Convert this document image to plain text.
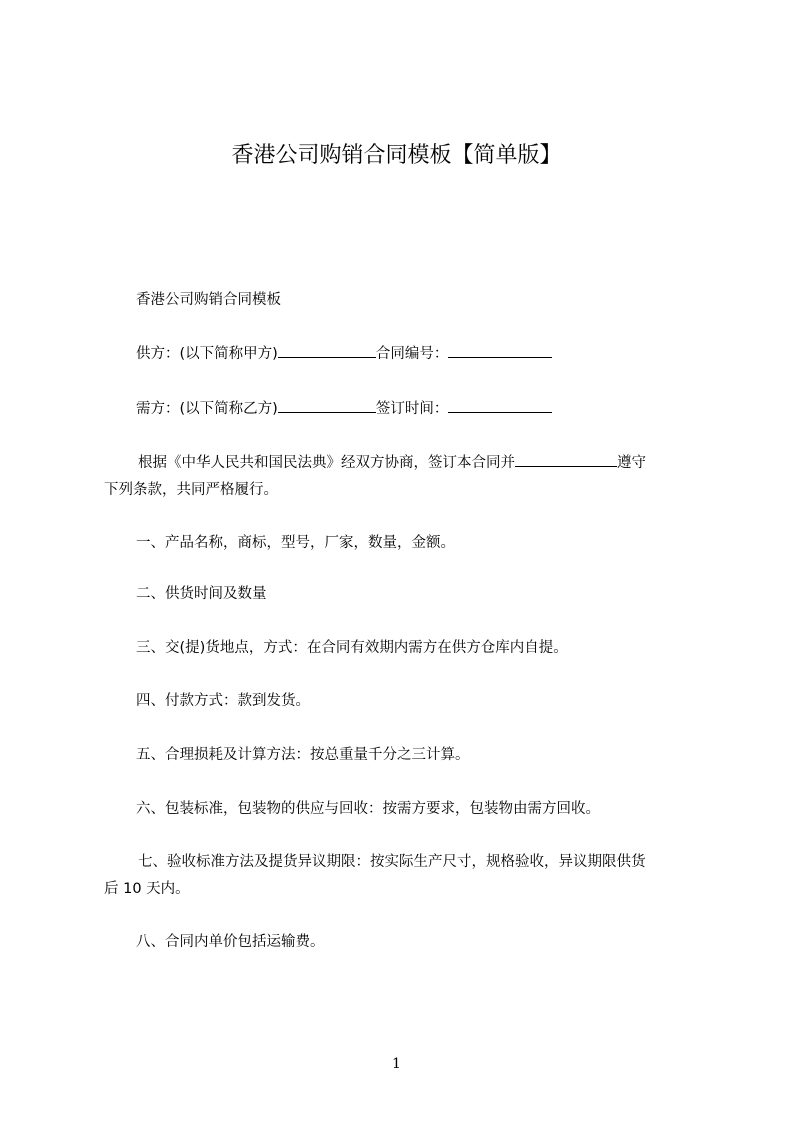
香港公司购销合同模板【简单版】
香港公司购销合同模板
供方：(以下简称甲方)	合同编号：
需方：(以下简称乙方)	签订时间：
根据《中华人民共和国民法典》经双方协商，签订本合同并	遵守
下列条款，共同严格履行。
一、产品名称，商标，型号，厂家，数量，金额。
二、供货时间及数量
三、交(提)货地点，方式：在合同有效期内需方在供方仓库内自提。
四、付款方式：款到发货。
五、合理损耗及计算方法：按总重量千分之三计算。
六、包装标准，包装物的供应与回收：按需方要求，包装物由需方回收。
七、验收标准方法及提货异议期限：按实际生产尺寸，规格验收，异议期限供货
后 10 天内。
八、合同内单价包括运输费。
1
